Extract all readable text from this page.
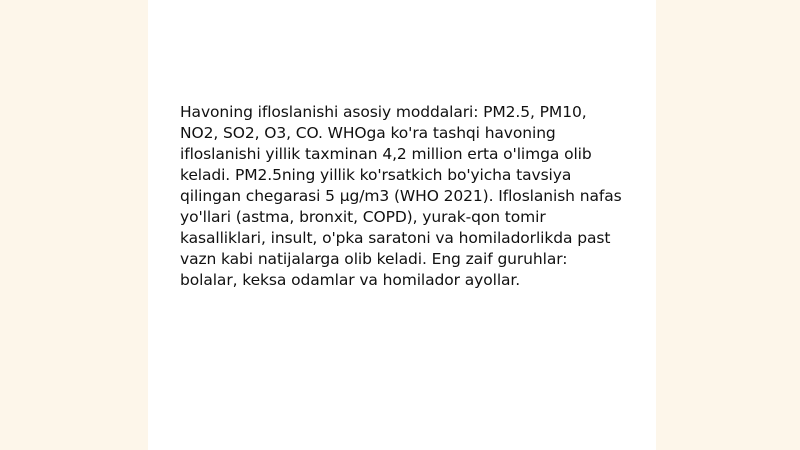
Havoning ifloslanishi asosiy moddalari: PM2.5, PM10, NO2, SO2, O3, CO. WHOga ko'ra tashqi havoning ifloslanishi yillik taxminan 4,2 million erta o'limga olib keladi. PM2.5ning yillik ko'rsatkich bo'yicha tavsiya qilingan chegarasi 5 µg/m3 (WHO 2021). Ifloslanish nafas yo'llari (astma, bronxit, COPD), yurak-qon tomir kasalliklari, insult, o'pka saratoni va homiladorlikda past vazn kabi natijalarga olib keladi. Eng zaif guruhlar: bolalar, keksa odamlar va homilador ayollar.
